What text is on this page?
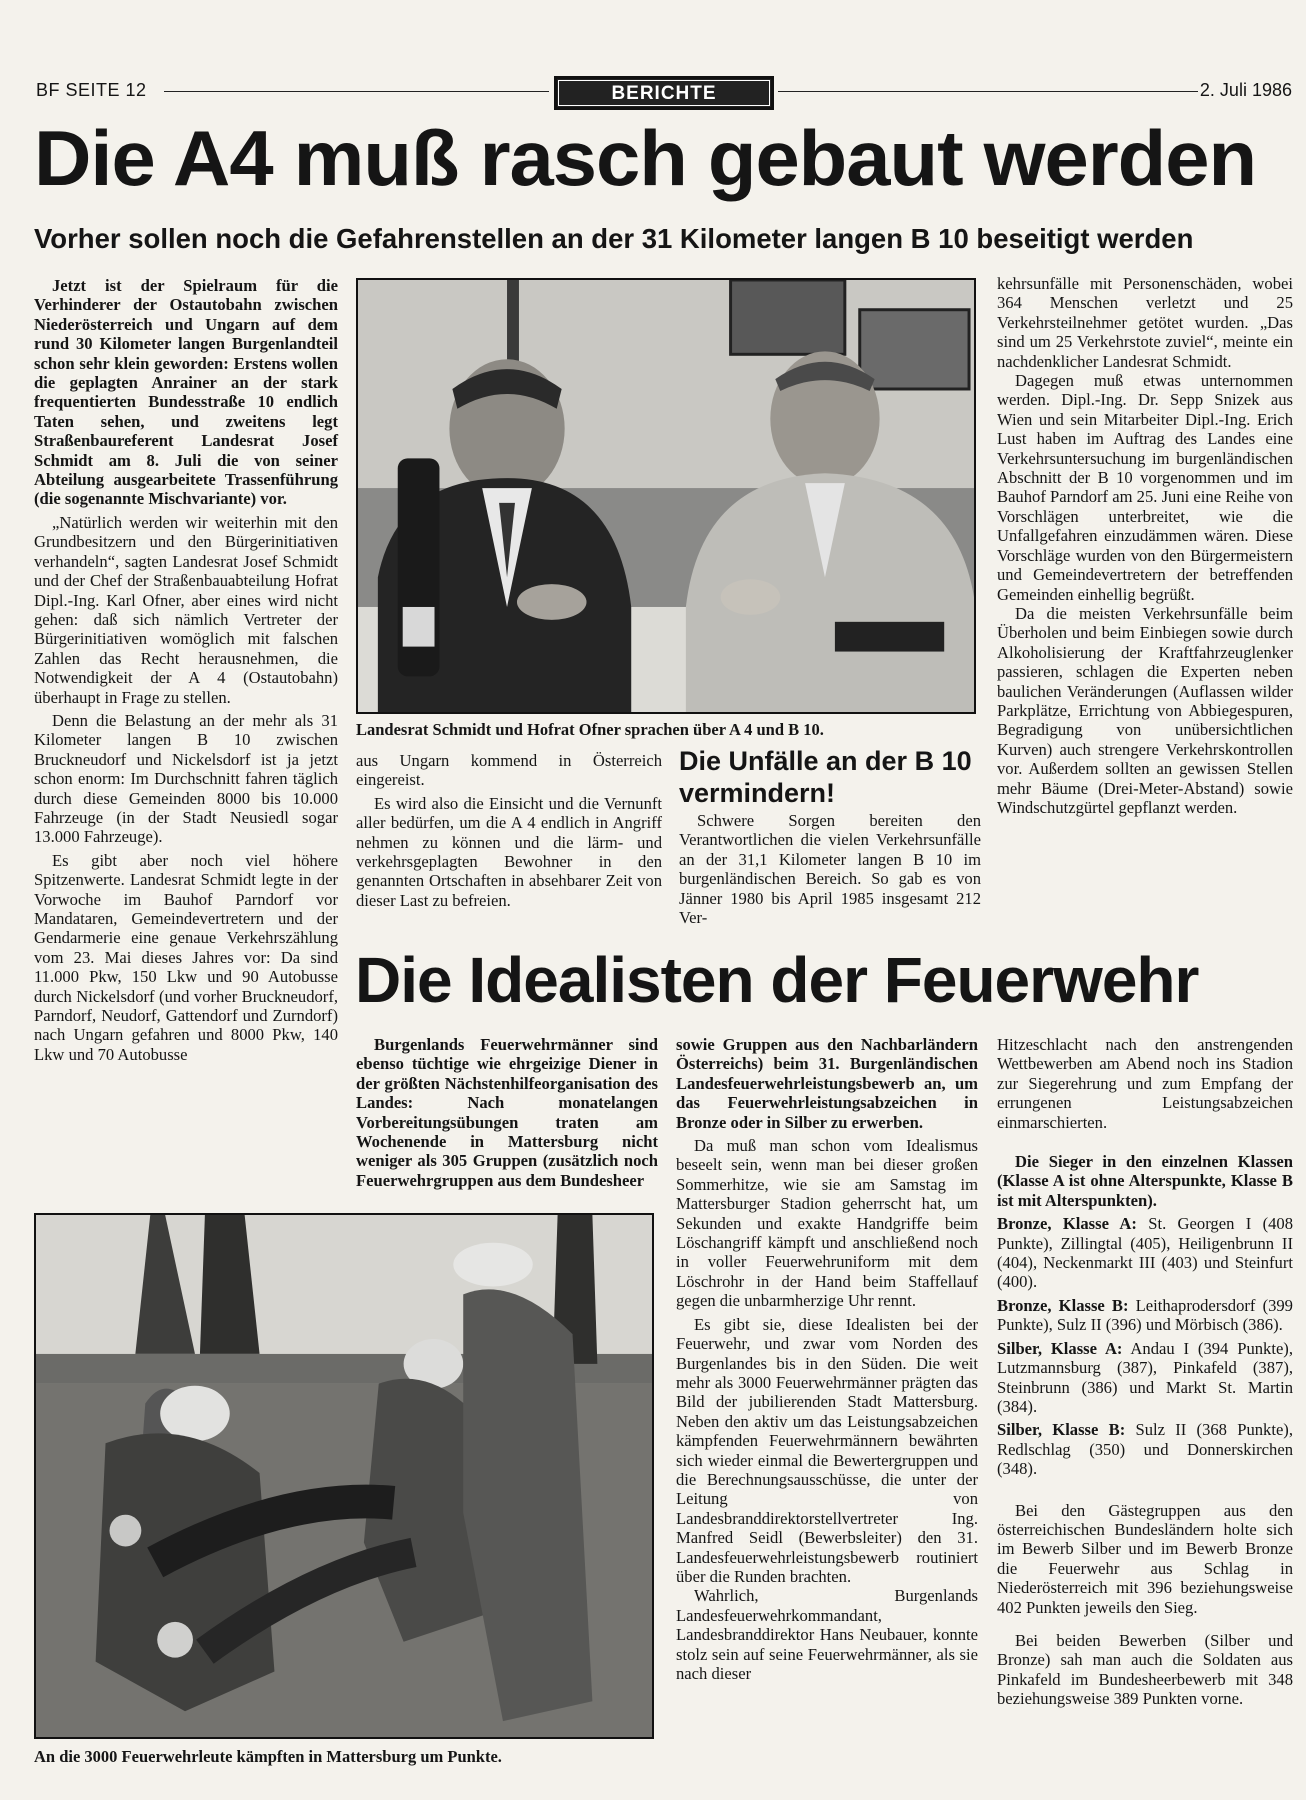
BF SEITE 12	BERICHTE	2. Juli 1986
Die A4 muß rasch gebaut werden
Vorher sollen noch die Gefahrenstellen an der 31 Kilometer langen B 10 beseitigt werden

Jetzt ist der Spielraum für die Verhinderer der Ostautobahn zwischen Niederösterreich und Ungarn auf dem rund 30 Kilometer langen Burgenlandteil schon sehr klein geworden: Erstens wollen die geplagten Anrainer an der stark frequentierten Bundesstraße 10 endlich Taten sehen, und zweitens legt Straßenbaureferent Landesrat Josef Schmidt am 8. Juli die von seiner Abteilung ausgearbeitete Trassenführung (die sogenannte Mischvariante) vor.

„Natürlich werden wir weiterhin mit den Grundbesitzern und den Bürgerinitiativen verhandeln“, sagten Landesrat Josef Schmidt und der Chef der Straßenbauabteilung Hofrat Dipl.-Ing. Karl Ofner, aber eines wird nicht gehen: daß sich nämlich Vertreter der Bürgerinitiativen womöglich mit falschen Zahlen das Recht herausnehmen, die Notwendigkeit der A 4 (Ostautobahn) überhaupt in Frage zu stellen.

Denn die Belastung an der mehr als 31 Kilometer langen B 10 zwischen Bruckneudorf und Nickelsdorf ist ja jetzt schon enorm: Im Durchschnitt fahren täglich durch diese Gemeinden 8000 bis 10.000 Fahrzeuge (in der Stadt Neusiedl sogar 13.000 Fahrzeuge).

Es gibt aber noch viel höhere Spitzenwerte. Landesrat Schmidt legte in der Vorwoche im Bauhof Parndorf vor Mandataren, Gemeindevertretern und der Gendarmerie eine genaue Verkehrszählung vom 23. Mai dieses Jahres vor: Da sind 11.000 Pkw, 150 Lkw und 90 Autobusse durch Nickelsdorf (und vorher Bruckneudorf, Parndorf, Neudorf, Gattendorf und Zurndorf) nach Ungarn gefahren und 8000 Pkw, 140 Lkw und 70 Autobusse

Landesrat Schmidt und Hofrat Ofner sprachen über A 4 und B 10.

aus Ungarn kommend in Österreich eingereist.

Es wird also die Einsicht und die Vernunft aller bedürfen, um die A 4 endlich in Angriff nehmen zu können und die lärm- und verkehrsgeplagten Bewohner in den genannten Ortschaften in absehbarer Zeit von dieser Last zu befreien.

Die Unfälle an der B 10 vermindern!

Schwere Sorgen bereiten den Verantwortlichen die vielen Verkehrsunfälle an der 31,1 Kilometer langen B 10 im burgenländischen Bereich. So gab es von Jänner 1980 bis April 1985 insgesamt 212 Ver-

kehrsunfälle mit Personenschäden, wobei 364 Menschen verletzt und 25 Verkehrsteilnehmer getötet wurden. „Das sind um 25 Verkehrstote zuviel“, meinte ein nachdenklicher Landesrat Schmidt.

Dagegen muß etwas unternommen werden. Dipl.-Ing. Dr. Sepp Snizek aus Wien und sein Mitarbeiter Dipl.-Ing. Erich Lust haben im Auftrag des Landes eine Verkehrsuntersuchung im burgenländischen Abschnitt der B 10 vorgenommen und im Bauhof Parndorf am 25. Juni eine Reihe von Vorschlägen unterbreitet, wie die Unfallgefahren einzudämmen wären. Diese Vorschläge wurden von den Bürgermeistern und Gemeindevertretern der betreffenden Gemeinden einhellig begrüßt.

Da die meisten Verkehrsunfälle beim Überholen und beim Einbiegen sowie durch Alkoholisierung der Kraftfahrzeuglenker passieren, schlagen die Experten neben baulichen Veränderungen (Auflassen wilder Parkplätze, Errichtung von Abbiegespuren, Begradigung von unübersichtlichen Kurven) auch strengere Verkehrskontrollen vor. Außerdem sollten an gewissen Stellen mehr Bäume (Drei-Meter-Abstand) sowie Windschutzgürtel gepflanzt werden.

Die Idealisten der Feuerwehr

Burgenlands Feuerwehrmänner sind ebenso tüchtige wie ehrgeizige Diener in der größten Nächstenhilfeorganisation des Landes: Nach monatelangen Vorbereitungsübungen traten am Wochenende in Mattersburg nicht weniger als 305 Gruppen (zusätzlich noch Feuerwehrgruppen aus dem Bundesheer

sowie Gruppen aus den Nachbarländern Österreichs) beim 31. Burgenländischen Landesfeuerwehrleistungsbewerb an, um das Feuerwehrleistungsabzeichen in Bronze oder in Silber zu erwerben.

Da muß man schon vom Idealismus beseelt sein, wenn man bei dieser großen Sommerhitze, wie sie am Samstag im Mattersburger Stadion geherrscht hat, um Sekunden und exakte Handgriffe beim Löschangriff kämpft und anschließend noch in voller Feuerwehruniform mit dem Löschrohr in der Hand beim Staffellauf gegen die unbarmherzige Uhr rennt.

Es gibt sie, diese Idealisten bei der Feuerwehr, und zwar vom Norden des Burgenlandes bis in den Süden. Die weit mehr als 3000 Feuerwehrmänner prägten das Bild der jubilierenden Stadt Mattersburg. Neben den aktiv um das Leistungsabzeichen kämpfenden Feuerwehrmännern bewährten sich wieder einmal die Bewertergruppen und die Berechnungsausschüsse, die unter der Leitung von Landesbranddirektorstellvertreter Ing. Manfred Seidl (Bewerbsleiter) den 31. Landesfeuerwehrleistungsbewerb routiniert über die Runden brachten.

Wahrlich, Burgenlands Landesfeuerwehrkommandant, Landesbranddirektor Hans Neubauer, konnte stolz sein auf seine Feuerwehrmänner, als sie nach dieser

Hitzeschlacht nach den anstrengenden Wettbewerben am Abend noch ins Stadion zur Siegerehrung und zum Empfang der errungenen Leistungsabzeichen einmarschierten.

Die Sieger in den einzelnen Klassen (Klasse A ist ohne Alterspunkte, Klasse B ist mit Alterspunkten).

Bronze, Klasse A: St. Georgen I (408 Punkte), Zillingtal (405), Heiligenbrunn II (404), Neckenmarkt III (403) und Steinfurt (400).

Bronze, Klasse B: Leithaprodersdorf (399 Punkte), Sulz II (396) und Mörbisch (386).

Silber, Klasse A: Andau I (394 Punkte), Lutzmannsburg (387), Pinkafeld (387), Steinbrunn (386) und Markt St. Martin (384).

Silber, Klasse B: Sulz II (368 Punkte), Redlschlag (350) und Donnerskirchen (348).

Bei den Gästegruppen aus den österreichischen Bundesländern holte sich im Bewerb Silber und im Bewerb Bronze die Feuerwehr aus Schlag in Niederösterreich mit 396 beziehungsweise 402 Punkten jeweils den Sieg.

Bei beiden Bewerben (Silber und Bronze) sah man auch die Soldaten aus Pinkafeld im Bundesheerbewerb mit 348 beziehungsweise 389 Punkten vorne.

An die 3000 Feuerwehrleute kämpften in Mattersburg um Punkte.
